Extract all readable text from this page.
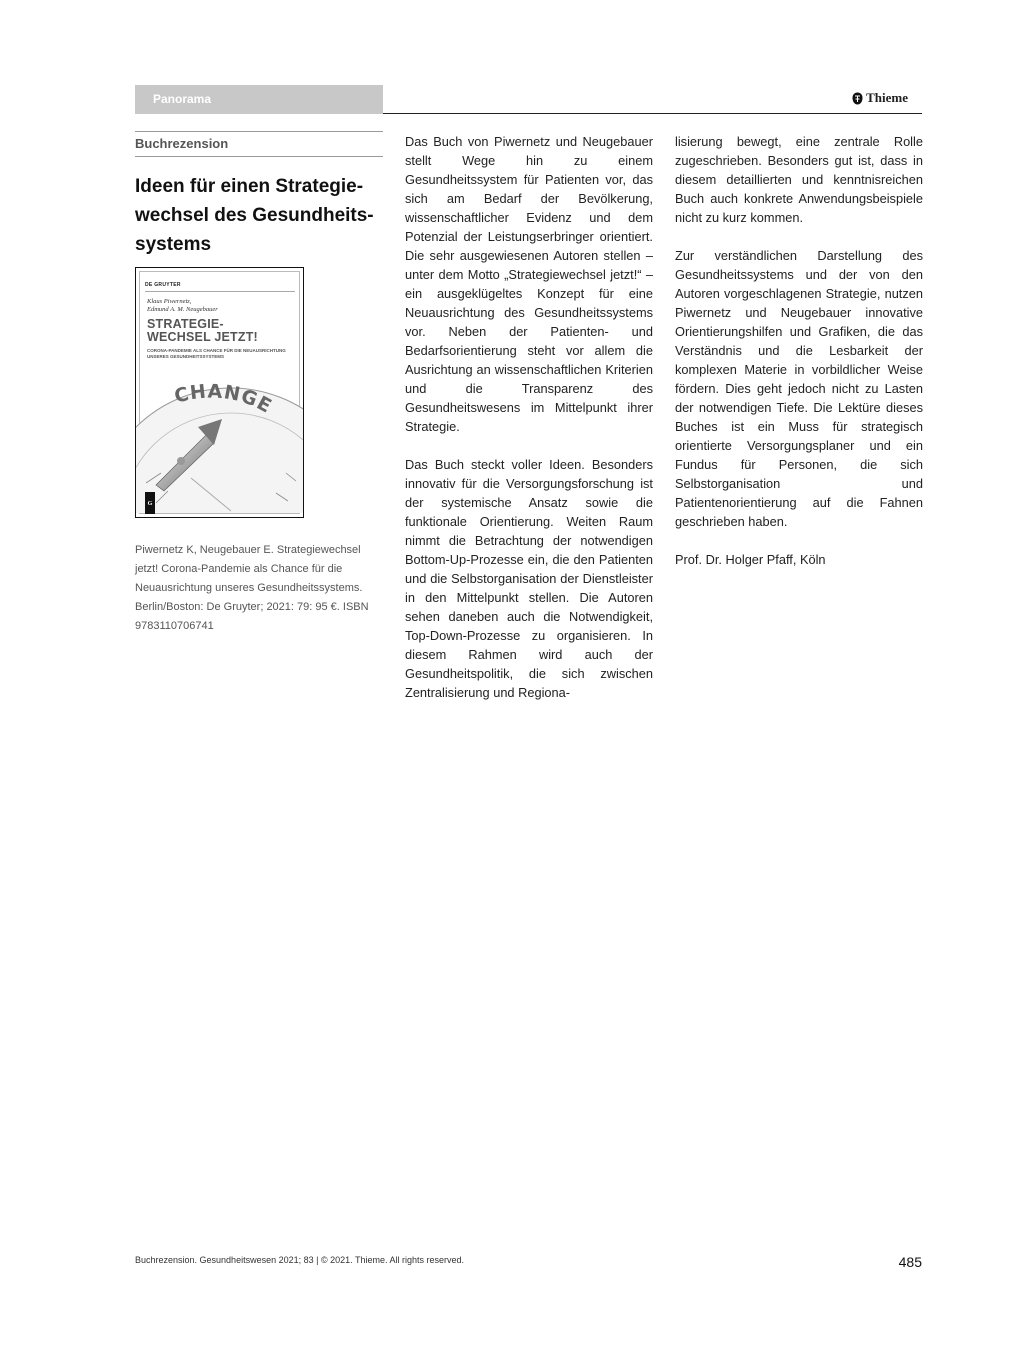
Panorama	Thieme
Buchrezension
Ideen für einen Strategie-wechsel des Gesundheits-systems
DE GRUYTER
Klaus Piwernetz,
Edmund A. M. Neugebauer
STRATEGIE-
WECHSEL JETZT!
CORONA-PANDEMIE ALS CHANCE FÜR DIE NEUAUSRICHTUNG UNSERES GESUNDHEITSSYSTEMS
CHANGE
G
Piwernetz K, Neugebauer E. Strategiewechsel jetzt! Corona-Pandemie als Chance für die Neuausrichtung unseres Gesundheitssystems. Berlin/Boston: De Gruyter; 2021: 79: 95 €. ISBN 9783110706741

Das Buch von Piwernetz und Neugebauer stellt Wege hin zu einem Gesundheitssystem für Patienten vor, das sich am Bedarf der Bevölkerung, wissenschaftlicher Evidenz und dem Potenzial der Leistungserbringer orientiert. Die sehr ausgewiesenen Autoren stellen – unter dem Motto „Strategiewechsel jetzt!“ – ein ausgeklügeltes Konzept für eine Neuausrichtung des Gesundheitssystems vor. Neben der Patienten- und Bedarfsorientierung steht vor allem die Ausrichtung an wissenschaftlichen Kriterien und die Transparenz des Gesundheitswesens im Mittelpunkt ihrer Strategie.

Das Buch steckt voller Ideen. Besonders innovativ für die Versorgungsforschung ist der systemische Ansatz sowie die funktionale Orientierung. Weiten Raum nimmt die Betrachtung der notwendigen Bottom-Up-Prozesse ein, die den Patienten und die Selbstorganisation der Dienstleister in den Mittelpunkt stellen. Die Autoren sehen daneben auch die Notwendigkeit, Top-Down-Prozesse zu organisieren. In diesem Rahmen wird auch der Gesundheitspolitik, die sich zwischen Zentralisierung und Regiona-

lisierung bewegt, eine zentrale Rolle zugeschrieben. Besonders gut ist, dass in diesem detaillierten und kenntnisreichen Buch auch konkrete Anwendungsbeispiele nicht zu kurz kommen.

Zur verständlichen Darstellung des Gesundheitssystems und der von den Autoren vorgeschlagenen Strategie, nutzen Piwernetz und Neugebauer innovative Orientierungshilfen und Grafiken, die das Verständnis und die Lesbarkeit der komplexen Materie in vorbildlicher Weise fördern. Dies geht jedoch nicht zu Lasten der notwendigen Tiefe. Die Lektüre dieses Buches ist ein Muss für strategisch orientierte Versorgungsplaner und ein Fundus für Personen, die sich Selbstorganisation und Patientenorientierung auf die Fahnen geschrieben haben.

Prof. Dr. Holger Pfaff, Köln

Buchrezension. Gesundheitswesen 2021; 83 | © 2021. Thieme. All rights reserved.	485
